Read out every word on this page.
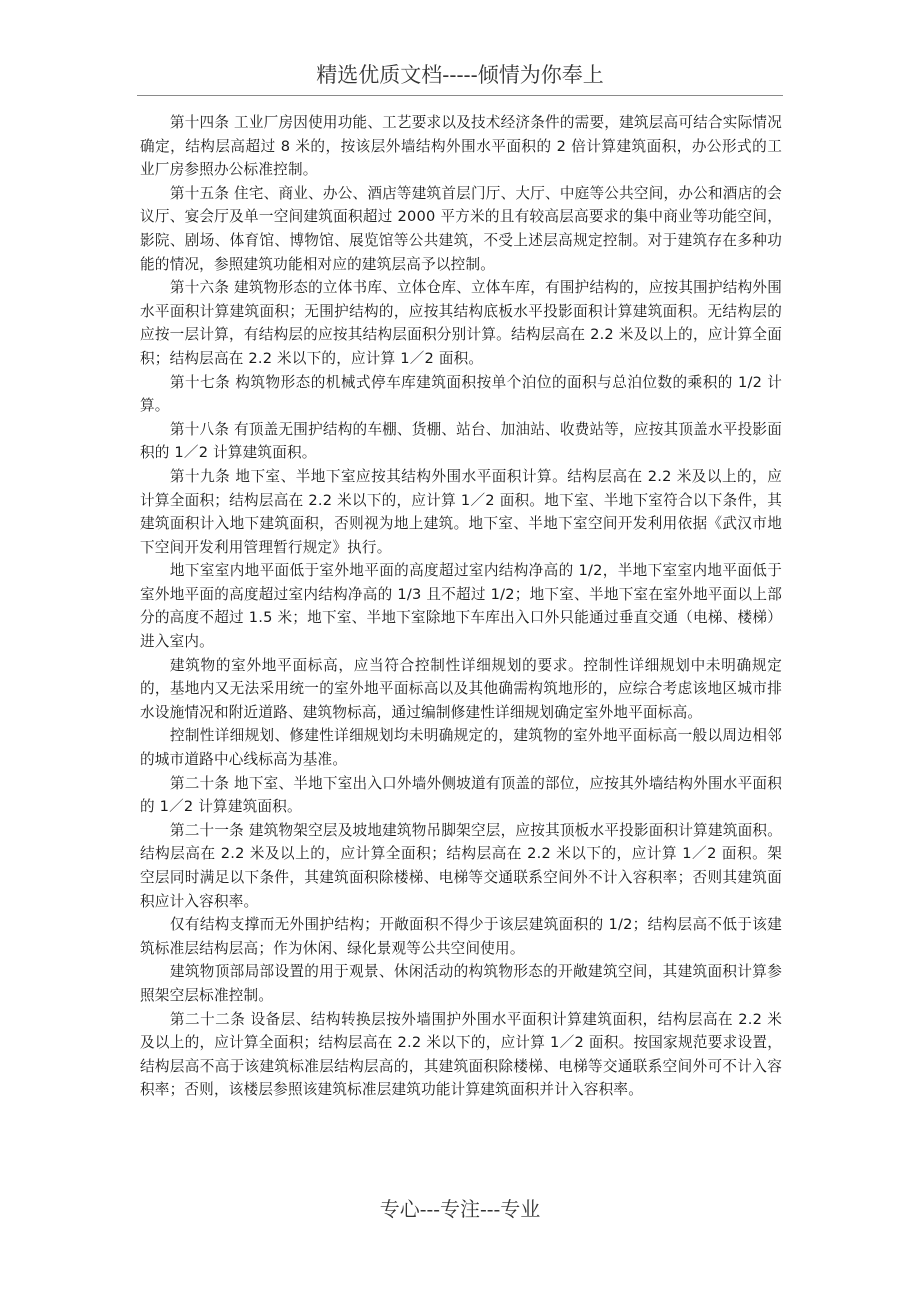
精选优质文档-----倾情为你奉上

第十四条 工业厂房因使用功能、工艺要求以及技术经济条件的需要，建筑层高可结合实际情况确定，结构层高超过 8 米的，按该层外墙结构外围水平面积的 2 倍计算建筑面积，办公形式的工业厂房参照办公标准控制。

第十五条 住宅、商业、办公、酒店等建筑首层门厅、大厅、中庭等公共空间，办公和酒店的会议厅、宴会厅及单一空间建筑面积超过 2000 平方米的且有较高层高要求的集中商业等功能空间，影院、剧场、体育馆、博物馆、展览馆等公共建筑，不受上述层高规定控制。对于建筑存在多种功能的情况，参照建筑功能相对应的建筑层高予以控制。

第十六条 建筑物形态的立体书库、立体仓库、立体车库，有围护结构的，应按其围护结构外围水平面积计算建筑面积；无围护结构的，应按其结构底板水平投影面积计算建筑面积。无结构层的应按一层计算，有结构层的应按其结构层面积分别计算。结构层高在 2.2 米及以上的，应计算全面积；结构层高在 2.2 米以下的，应计算 1／2 面积。

第十七条 构筑物形态的机械式停车库建筑面积按单个泊位的面积与总泊位数的乘积的 1/2 计算。

第十八条 有顶盖无围护结构的车棚、货棚、站台、加油站、收费站等，应按其顶盖水平投影面积的 1／2 计算建筑面积。

第十九条 地下室、半地下室应按其结构外围水平面积计算。结构层高在 2.2 米及以上的，应计算全面积；结构层高在 2.2 米以下的，应计算 1／2 面积。地下室、半地下室符合以下条件，其建筑面积计入地下建筑面积，否则视为地上建筑。地下室、半地下室空间开发利用依据《武汉市地下空间开发利用管理暂行规定》执行。

地下室室内地平面低于室外地平面的高度超过室内结构净高的 1/2，半地下室室内地平面低于室外地平面的高度超过室内结构净高的 1/3 且不超过 1/2；地下室、半地下室在室外地平面以上部分的高度不超过 1.5 米；地下室、半地下室除地下车库出入口外只能通过垂直交通（电梯、楼梯）进入室内。

建筑物的室外地平面标高，应当符合控制性详细规划的要求。控制性详细规划中未明确规定的，基地内又无法采用统一的室外地平面标高以及其他确需构筑地形的，应综合考虑该地区城市排水设施情况和附近道路、建筑物标高，通过编制修建性详细规划确定室外地平面标高。

控制性详细规划、修建性详细规划均未明确规定的，建筑物的室外地平面标高一般以周边相邻的城市道路中心线标高为基准。

第二十条 地下室、半地下室出入口外墙外侧坡道有顶盖的部位，应按其外墙结构外围水平面积的 1／2 计算建筑面积。

第二十一条 建筑物架空层及坡地建筑物吊脚架空层，应按其顶板水平投影面积计算建筑面积。结构层高在 2.2 米及以上的，应计算全面积；结构层高在 2.2 米以下的，应计算 1／2 面积。架空层同时满足以下条件，其建筑面积除楼梯、电梯等交通联系空间外不计入容积率；否则其建筑面积应计入容积率。

仅有结构支撑而无外围护结构；开敞面积不得少于该层建筑面积的 1/2；结构层高不低于该建筑标准层结构层高；作为休闲、绿化景观等公共空间使用。

建筑物顶部局部设置的用于观景、休闲活动的构筑物形态的开敞建筑空间，其建筑面积计算参照架空层标准控制。

第二十二条 设备层、结构转换层按外墙围护外围水平面积计算建筑面积，结构层高在 2.2 米及以上的，应计算全面积；结构层高在 2.2 米以下的，应计算 1／2 面积。按国家规范要求设置，结构层高不高于该建筑标准层结构层高的，其建筑面积除楼梯、电梯等交通联系空间外可不计入容积率；否则，该楼层参照该建筑标准层建筑功能计算建筑面积并计入容积率。

专心---专注---专业
